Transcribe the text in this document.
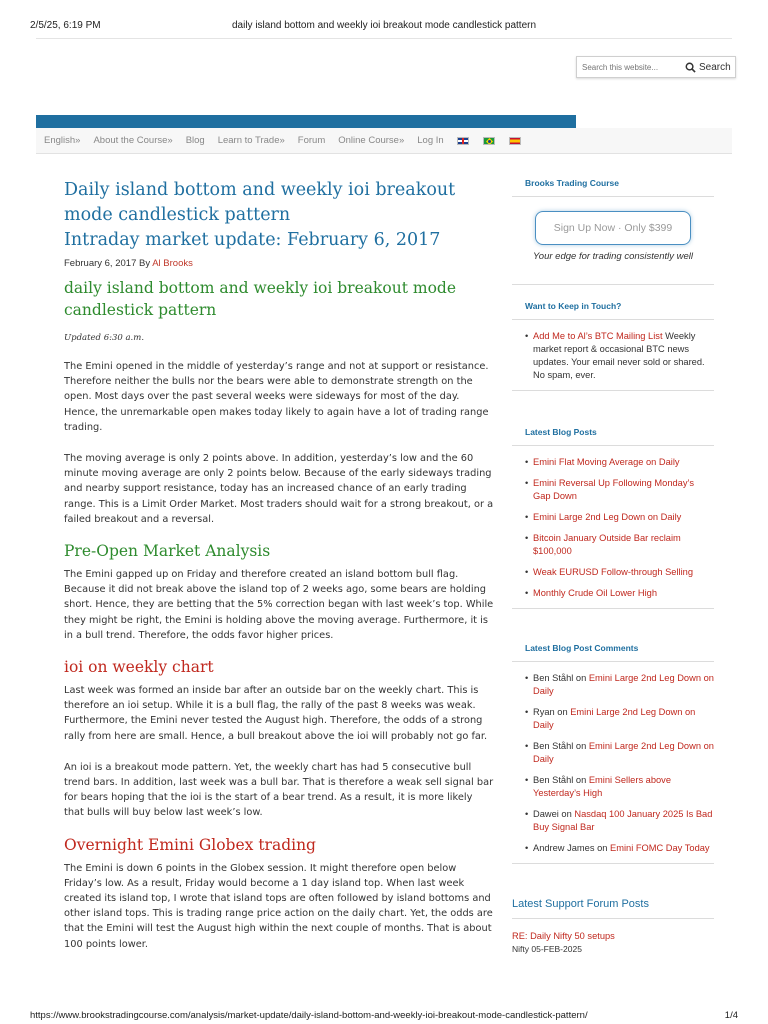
2/5/25, 6:19 PM	daily island bottom and weekly ioi breakout mode candlestick pattern
Search this website...
Search
English» About the Course» Blog Learn to Trade» Forum Online Course» Log In
Daily island bottom and weekly ioi breakout
mode candlestick pattern
Intraday market update: February 6, 2017
February 6, 2017 By Al Brooks
daily island bottom and weekly ioi breakout mode candlestick pattern
Updated 6:30 a.m.

The Emini opened in the middle of yesterday’s range and not at support or resistance. Therefore neither the bulls nor the bears were able to demonstrate strength on the open. Most days over the past several weeks were sideways for most of the day. Hence, the unremarkable open makes today likely to again have a lot of trading range trading.

The moving average is only 2 points above. In addition, yesterday’s low and the 60 minute moving average are only 2 points below. Because of the early sideways trading and nearby support resistance, today has an increased chance of an early trading range. This is a Limit Order Market. Most traders should wait for a strong breakout, or a failed breakout and a reversal.

Pre-Open Market Analysis

The Emini gapped up on Friday and therefore created an island bottom bull flag. Because it did not break above the island top of 2 weeks ago, some bears are holding short. Hence, they are betting that the 5% correction began with last week’s top. While they might be right, the Emini is holding above the moving average. Furthermore, it is in a bull trend. Therefore, the odds favor higher prices.

ioi on weekly chart

Last week was formed an inside bar after an outside bar on the weekly chart. This is therefore an ioi setup. While it is a bull flag, the rally of the past 8 weeks was weak. Furthermore, the Emini never tested the August high. Therefore, the odds of a strong rally from here are small. Hence, a bull breakout above the ioi will probably not go far.

An ioi is a breakout mode pattern. Yet, the weekly chart has had 5 consecutive bull trend bars. In addition, last week was a bull bar. That is therefore a weak sell signal bar for bears hoping that the ioi is the start of a bear trend. As a result, it is more likely that bulls will buy below last week’s low.

Overnight Emini Globex trading

The Emini is down 6 points in the Globex session. It might therefore open below Friday’s low. As a result, Friday would become a 1 day island top. When last week created its island top, I wrote that island tops are often followed by island bottoms and other island tops. This is trading range price action on the daily chart. Yet, the odds are that the Emini will test the August high within the next couple of months. That is about 100 points lower.

Brooks Trading Course
Sign Up Now · Only $399
Your edge for trading consistently well
Want to Keep in Touch?
• Add Me to Al’s BTC Mailing List Weekly market report & occasional BTC news updates. Your email never sold or shared. No spam, ever.
Latest Blog Posts
• Emini Flat Moving Average on Daily
• Emini Reversal Up Following Monday’s Gap Down
• Emini Large 2nd Leg Down on Daily
• Bitcoin January Outside Bar reclaim $100,000
• Weak EURUSD Follow-through Selling
• Monthly Crude Oil Lower High
Latest Blog Post Comments
• Ben Ståhl on Emini Large 2nd Leg Down on Daily
• Ryan on Emini Large 2nd Leg Down on Daily
• Ben Ståhl on Emini Large 2nd Leg Down on Daily
• Ben Ståhl on Emini Sellers above Yesterday’s High
• Dawei on Nasdaq 100 January 2025 Is Bad Buy Signal Bar
• Andrew James on Emini FOMC Day Today
Latest Support Forum Posts
RE: Daily Nifty 50 setups
Nifty 05-FEB-2025
https://www.brookstradingcourse.com/analysis/market-update/daily-island-bottom-and-weekly-ioi-breakout-mode-candlestick-pattern/	1/4
